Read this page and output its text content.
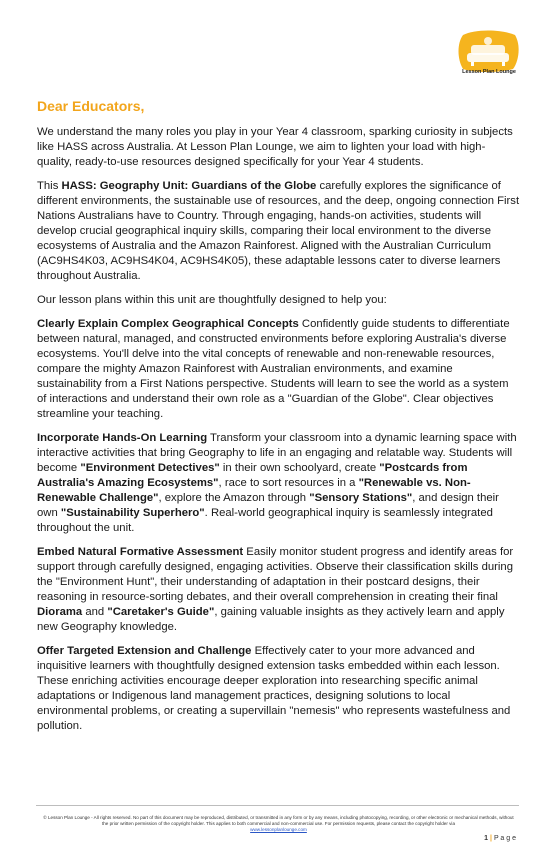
Lesson Plan Lounge
Dear Educators,

We understand the many roles you play in your Year 4 classroom, sparking curiosity in subjects like HASS across Australia. At Lesson Plan Lounge, we aim to lighten your load with high-quality, ready-to-use resources designed specifically for your Year 4 students.

This HASS: Geography Unit: Guardians of the Globe carefully explores the significance of different environments, the sustainable use of resources, and the deep, ongoing connection First Nations Australians have to Country. Through engaging, hands-on activities, students will develop crucial geographical inquiry skills, comparing their local environment to the diverse ecosystems of Australia and the Amazon Rainforest. Aligned with the Australian Curriculum (AC9HS4K03, AC9HS4K04, AC9HS4K05), these adaptable lessons cater to diverse learners throughout Australia.

Our lesson plans within this unit are thoughtfully designed to help you:

Clearly Explain Complex Geographical Concepts Confidently guide students to differentiate between natural, managed, and constructed environments before exploring Australia's diverse ecosystems. You'll delve into the vital concepts of renewable and non-renewable resources, compare the mighty Amazon Rainforest with Australian environments, and examine sustainability from a First Nations perspective. Students will learn to see the world as a system of interactions and understand their own role as a "Guardian of the Globe". Clear objectives streamline your teaching.

Incorporate Hands-On Learning Transform your classroom into a dynamic learning space with interactive activities that bring Geography to life in an engaging and relatable way. Students will become "Environment Detectives" in their own schoolyard, create "Postcards from Australia's Amazing Ecosystems", race to sort resources in a "Renewable vs. Non-Renewable Challenge", explore the Amazon through "Sensory Stations", and design their own "Sustainability Superhero". Real-world geographical inquiry is seamlessly integrated throughout the unit.

Embed Natural Formative Assessment Easily monitor student progress and identify areas for support through carefully designed, engaging activities. Observe their classification skills during the "Environment Hunt", their understanding of adaptation in their postcard designs, their reasoning in resource-sorting debates, and their overall comprehension in creating their final Diorama and "Caretaker's Guide", gaining valuable insights as they actively learn and apply new Geography knowledge.

Offer Targeted Extension and Challenge Effectively cater to your more advanced and inquisitive learners with thoughtfully designed extension tasks embedded within each lesson. These enriching activities encourage deeper exploration into researching specific animal adaptations or Indigenous land management practices, designing solutions to local environmental problems, or creating a supervillain "nemesis" who represents wastefulness and pollution.

© Lesson Plan Lounge - All rights reserved. No part of this document may be reproduced, distributed, or transmitted in any form or by any means, including photocopying, recording, or other electronic or mechanical methods, without the prior written permission of the copyright holder. This applies to both commercial and non-commercial use. For permission requests, please contact the copyright holder via
www.lessonplanlounge.com
1 | P a g e
